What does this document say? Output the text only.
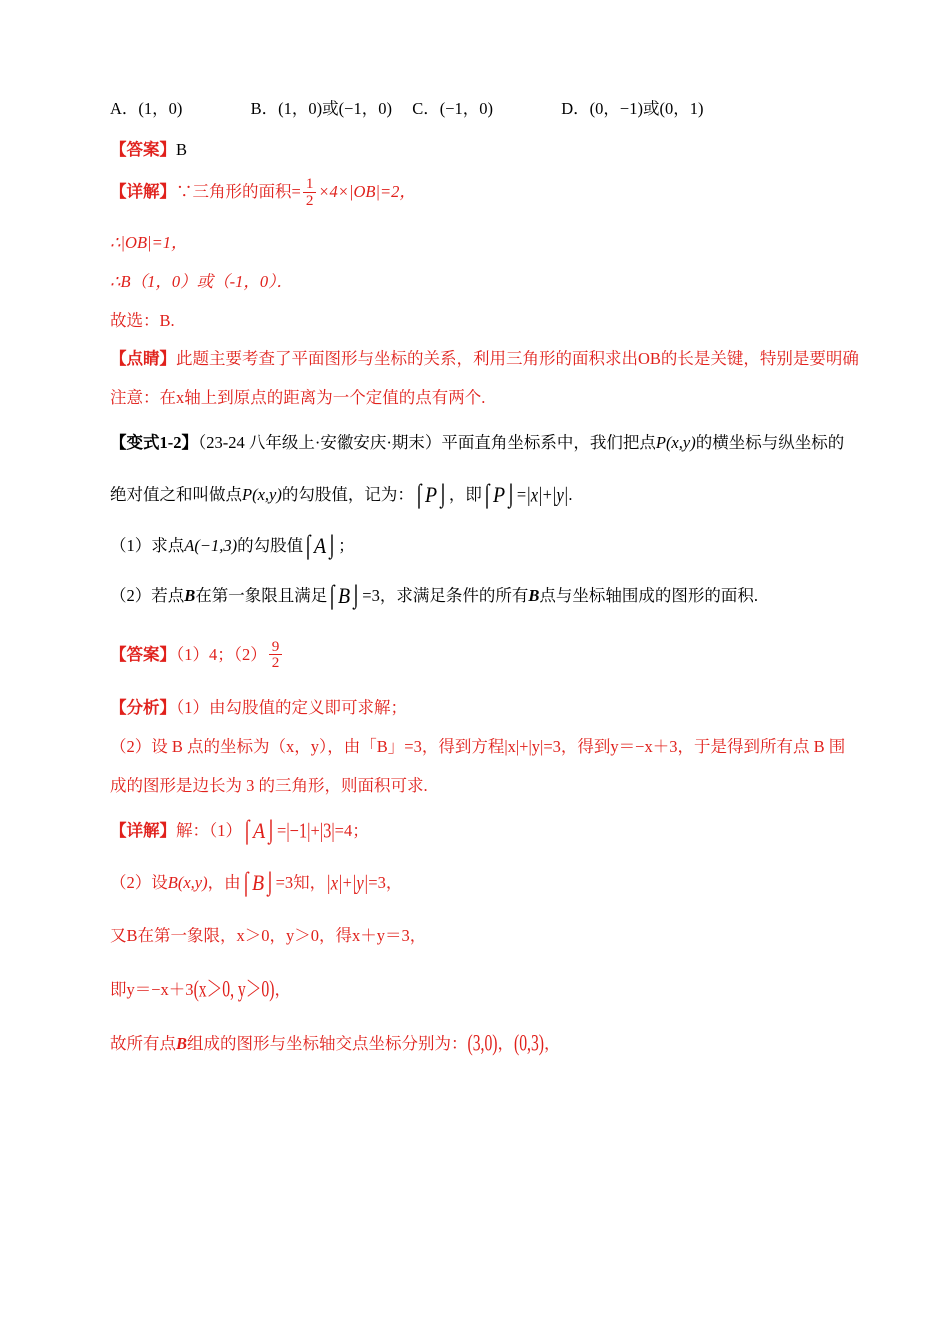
A．(1，0)	B．(1，0)或(−1，0) C．(−1，0)	D．(0，−1)或(0，1)
【答案】B
【详解】∵三角形的面积= $\frac{1}{2} \times 4\times|OB|=2$，
∴|OB|=1，
∴B（1，0）或（-1，0）．
故选：B.
【点睛】此题主要考查了平面图形与坐标的关系，利用三角形的面积求出OB的长是关键，特别是要明确
注意：在x轴上到原点的距离为一个定值的点有两个.
【变式1-2】（23-24 八年级上·安徽安庆·期末）平面直角坐标系中，我们把点P(x,y)的横坐标与纵坐标的
绝对值之和叫做点P(x,y)的勾股值，记为：⌠P⌡，即⌠P⌡=|x|+|y|.
（1）求点A(−1,3)的勾股值⌠A⌡；
（2）若点B在第一象限且满足⌠B⌡=3，求满足条件的所有B点与坐标轴围成的图形的面积.
【答案】（1）4；$(2) \frac{9}{2}$
【分析】（1）由勾股值的定义即可求解；
（2）设 B 点的坐标为（x，y），由「B」=3，得到方程|x|+|y|=3，得到y＝−x＋3，于是得到所有点 B 围
成的图形是边长为 3 的三角形，则面积可求.
【详解】解：（1）⌠A⌡=|−1|+|3|=4；
（2）设B(x,y)，由⌠B⌡=3知，|x|+|y|=3，
又B在第一象限，x＞0，y＞0，得x＋y＝3，
即y＝−x＋3(x＞0, y＞0)，
故所有点B组成的图形与坐标轴交点坐标分别为：(3,0)，(0,3)，
